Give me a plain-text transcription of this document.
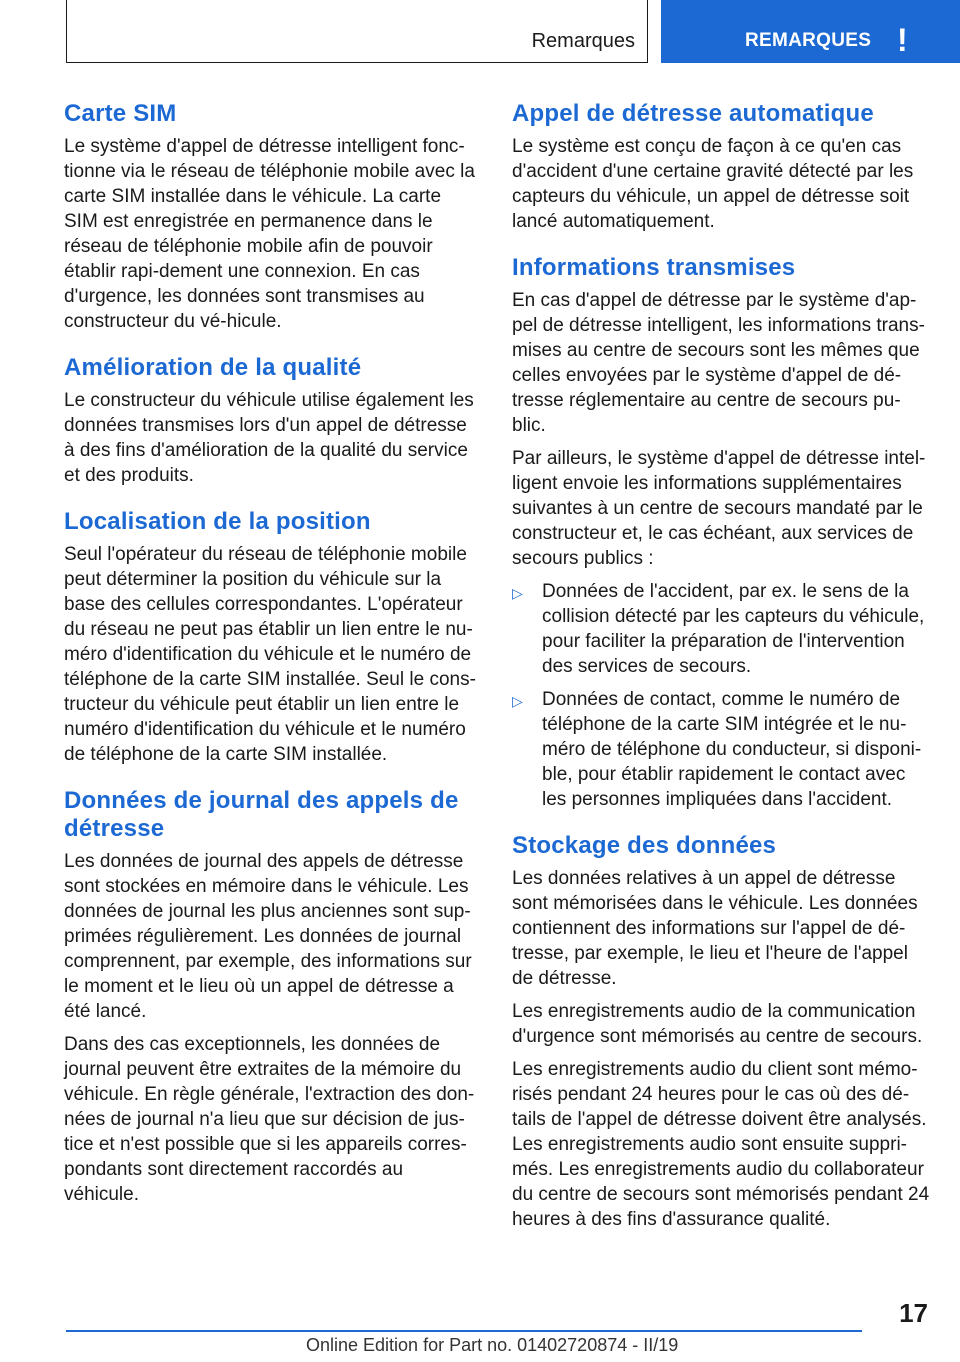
Remarques	REMARQUES !
Carte SIM

Le système d'appel de détresse intelligent fonc‐tionne via le réseau de téléphonie mobile avec la carte SIM installée dans le véhicule. La carte SIM est enregistrée en permanence dans le réseau de téléphonie mobile afin de pouvoir établir rapi‐dement une connexion. En cas d'urgence, les données sont transmises au constructeur du vé‐hicule.

Amélioration de la qualité

Le constructeur du véhicule utilise également les données transmises lors d'un appel de détresse à des fins d'amélioration de la qualité du service et des produits.

Localisation de la position

Seul l'opérateur du réseau de téléphonie mobile peut déterminer la position du véhicule sur la base des cellules correspondantes. L'opérateur du réseau ne peut pas établir un lien entre le nu‐méro d'identification du véhicule et le numéro de téléphone de la carte SIM installée. Seul le cons‐tructeur du véhicule peut établir un lien entre le numéro d'identification du véhicule et le numéro de téléphone de la carte SIM installée.

Données de journal des appels de détresse

Les données de journal des appels de détresse sont stockées en mémoire dans le véhicule. Les données de journal les plus anciennes sont sup‐primées régulièrement. Les données de journal comprennent, par exemple, des informations sur le moment et le lieu où un appel de détresse a été lancé.

Dans des cas exceptionnels, les données de journal peuvent être extraites de la mémoire du véhicule. En règle générale, l'extraction des don‐nées de journal n'a lieu que sur décision de jus‐tice et n'est possible que si les appareils corres‐pondants sont directement raccordés au véhicule.

Appel de détresse automatique

Le système est conçu de façon à ce qu'en cas d'accident d'une certaine gravité détecté par les capteurs du véhicule, un appel de détresse soit lancé automatiquement.

Informations transmises

En cas d'appel de détresse par le système d'ap‐pel de détresse intelligent, les informations trans‐mises au centre de secours sont les mêmes que celles envoyées par le système d'appel de dé‐tresse réglementaire au centre de secours pu‐blic.

Par ailleurs, le système d'appel de détresse intel‐ligent envoie les informations supplémentaires suivantes à un centre de secours mandaté par le constructeur et, le cas échéant, aux services de secours publics :

▷ Données de l'accident, par ex. le sens de la collision détecté par les capteurs du véhicule, pour faciliter la préparation de l'intervention des services de secours.
▷ Données de contact, comme le numéro de téléphone de la carte SIM intégrée et le nu‐méro de téléphone du conducteur, si disponi‐ble, pour établir rapidement le contact avec les personnes impliquées dans l'accident.
Stockage des données

Les données relatives à un appel de détresse sont mémorisées dans le véhicule. Les données contiennent des informations sur l'appel de dé‐tresse, par exemple, le lieu et l'heure de l'appel de détresse.

Les enregistrements audio de la communication d'urgence sont mémorisés au centre de secours.

Les enregistrements audio du client sont mémo‐risés pendant 24 heures pour le cas où des dé‐tails de l'appel de détresse doivent être analysés. Les enregistrements audio sont ensuite suppri‐més. Les enregistrements audio du collaborateur du centre de secours sont mémorisés pendant 24 heures à des fins d'assurance qualité.

17
Online Edition for Part no. 01402720874 - II/19
